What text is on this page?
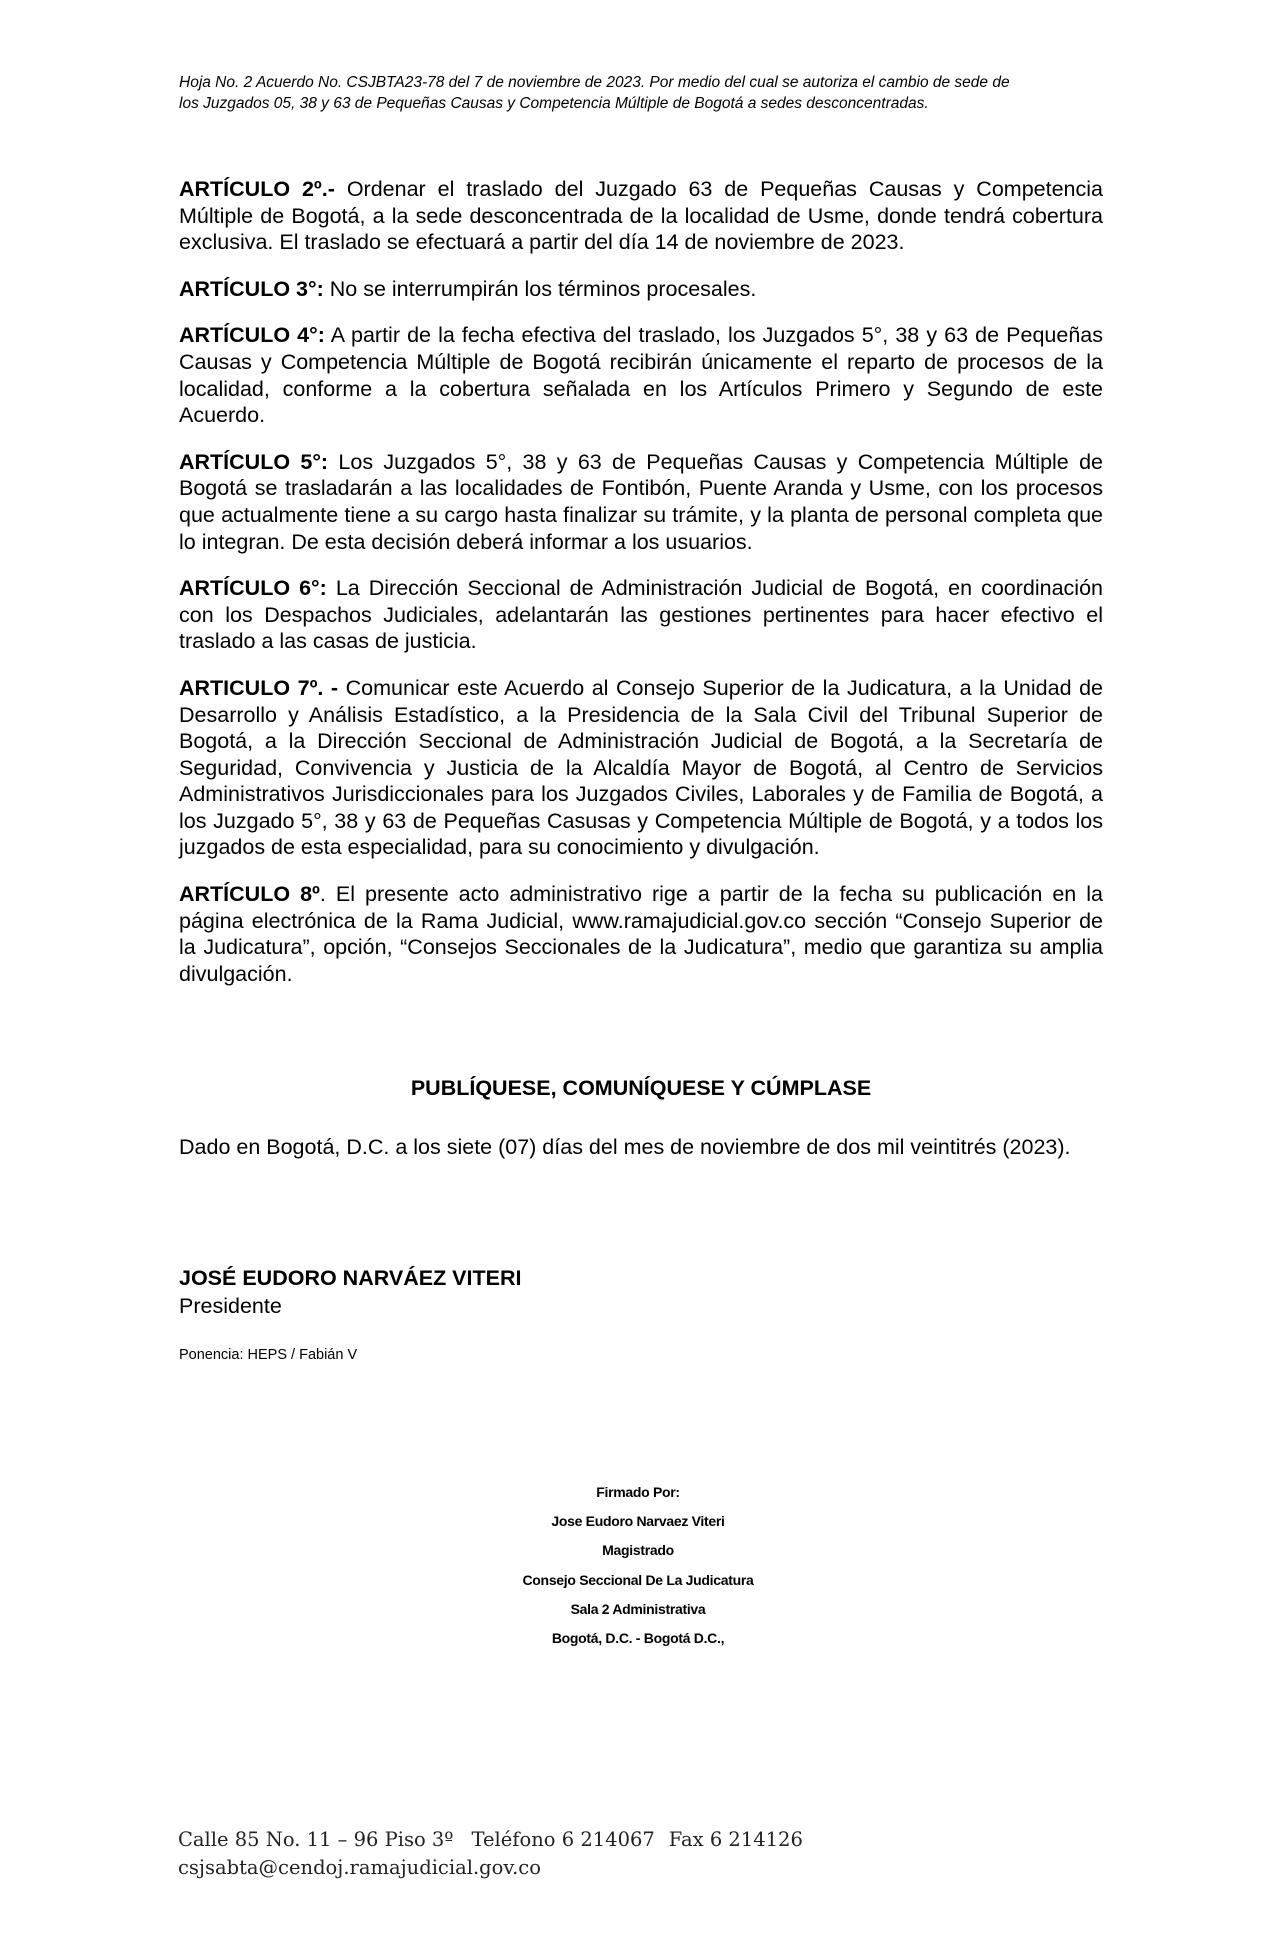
Hoja No. 2 Acuerdo No. CSJBTA23-78 del 7 de noviembre de 2023. Por medio del cual se autoriza el cambio de sede de
los Juzgados 05, 38 y 63 de Pequeñas Causas y Competencia Múltiple de Bogotá a sedes desconcentradas.

ARTÍCULO 2º.- Ordenar el traslado del Juzgado 63 de Pequeñas Causas y Competencia Múltiple de Bogotá, a la sede desconcentrada de la localidad de Usme, donde tendrá cobertura exclusiva. El traslado se efectuará a partir del día 14 de noviembre de 2023.

ARTÍCULO 3°: No se interrumpirán los términos procesales.

ARTÍCULO 4°: A partir de la fecha efectiva del traslado, los Juzgados 5°, 38 y 63 de Pequeñas Causas y Competencia Múltiple de Bogotá recibirán únicamente el reparto de procesos de la localidad, conforme a la cobertura señalada en los Artículos Primero y Segundo de este Acuerdo.

ARTÍCULO 5°: Los Juzgados 5°, 38 y 63 de Pequeñas Causas y Competencia Múltiple de Bogotá se trasladarán a las localidades de Fontibón, Puente Aranda y Usme, con los procesos que actualmente tiene a su cargo hasta finalizar su trámite, y la planta de personal completa que lo integran. De esta decisión deberá informar a los usuarios.

ARTÍCULO 6°: La Dirección Seccional de Administración Judicial de Bogotá, en coordinación con los Despachos Judiciales, adelantarán las gestiones pertinentes para hacer efectivo el traslado a las casas de justicia.

ARTICULO 7º. - Comunicar este Acuerdo al Consejo Superior de la Judicatura, a la Unidad de Desarrollo y Análisis Estadístico, a la Presidencia de la Sala Civil del Tribunal Superior de Bogotá, a la Dirección Seccional de Administración Judicial de Bogotá, a la Secretaría de Seguridad, Convivencia y Justicia de la Alcaldía Mayor de Bogotá, al Centro de Servicios Administrativos Jurisdiccionales para los Juzgados Civiles, Laborales y de Familia de Bogotá, a los Juzgado 5°, 38 y 63 de Pequeñas Casusas y Competencia Múltiple de Bogotá, y a todos los juzgados de esta especialidad, para su conocimiento y divulgación.

ARTÍCULO 8º. El presente acto administrativo rige a partir de la fecha su publicación en la página electrónica de la Rama Judicial, www.ramajudicial.gov.co sección “Consejo Superior de la Judicatura”, opción, “Consejos Seccionales de la Judicatura”, medio que garantiza su amplia divulgación.

PUBLÍQUESE, COMUNÍQUESE Y CÚMPLASE
Dado en Bogotá, D.C. a los siete (07) días del mes de noviembre de dos mil veintitrés (2023).
JOSÉ EUDORO NARVÁEZ VITERI
Presidente
Ponencia: HEPS / Fabián V
Firmado Por:
Jose Eudoro Narvaez Viteri
Magistrado
Consejo Seccional De La Judicatura
Sala 2 Administrativa
Bogotá, D.C. - Bogotá D.C.,
Calle 85 No. 11 – 96 Piso 3º Teléfono 6 214067 Fax 6 214126
csjsabta@cendoj.ramajudicial.gov.co
